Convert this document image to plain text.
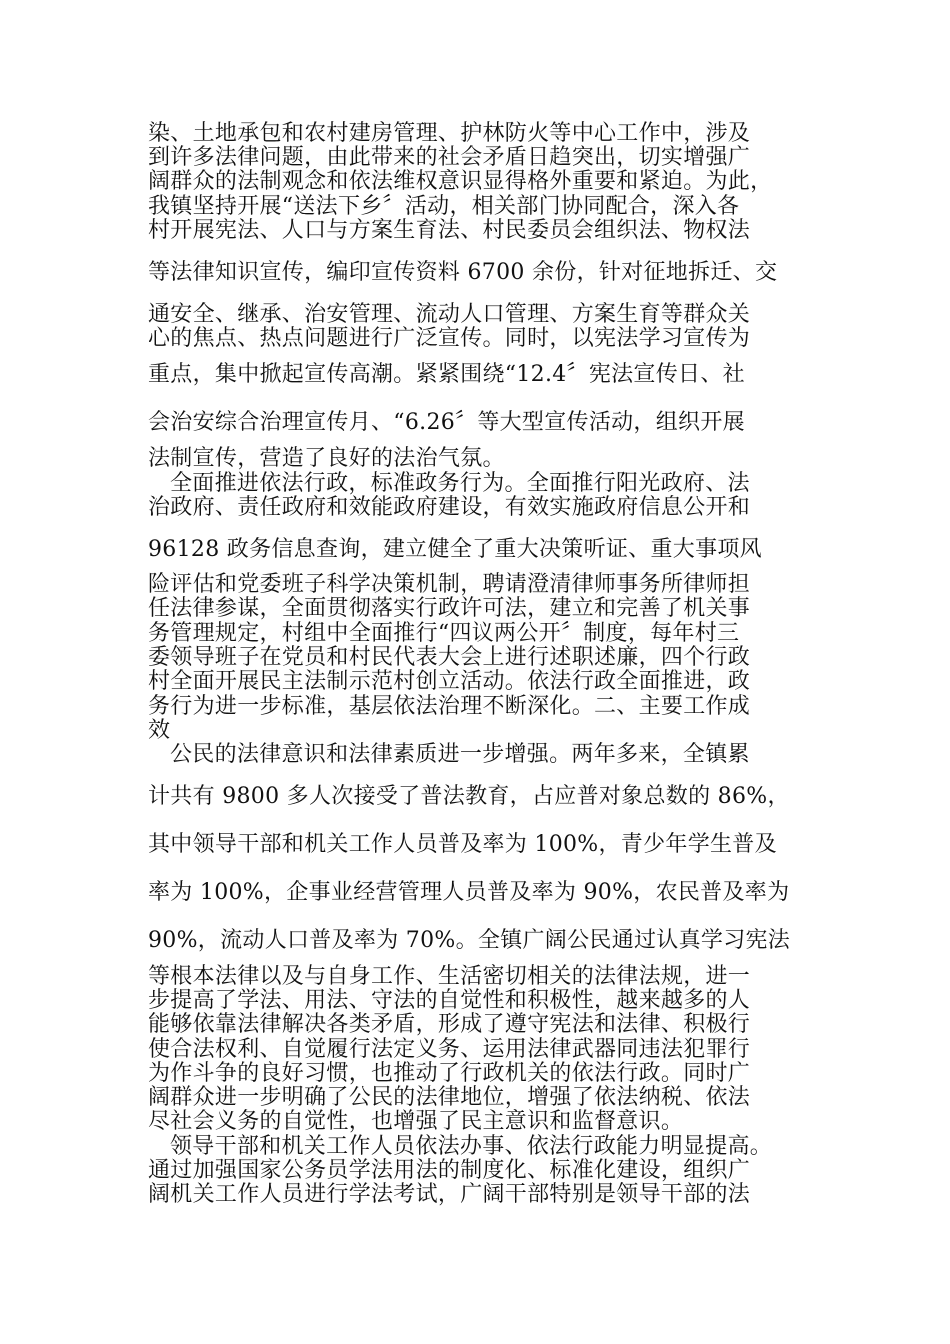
染、土地承包和农村建房管理、护林防火等中心工作中，涉及
到许多法律问题，由此带来的社会矛盾日趋突出，切实增强广
阔群众的法制观念和依法维权意识显得格外重要和紧迫。为此，
我镇坚持开展“送法下乡〞活动，相关部门协同配合，深入各
村开展宪法、人口与方案生育法、村民委员会组织法、物权法
等法律知识宣传，编印宣传资料 6700 余份，针对征地拆迁、交
通安全、继承、治安管理、流动人口管理、方案生育等群众关
心的焦点、热点问题进行广泛宣传。同时，以宪法学习宣传为
重点，集中掀起宣传高潮。紧紧围绕“12.4〞宪法宣传日、社
会治安综合治理宣传月、“6.26〞等大型宣传活动，组织开展
法制宣传，营造了良好的法治气氛。
全面推进依法行政，标准政务行为。全面推行阳光政府、法
治政府、责任政府和效能政府建设，有效实施政府信息公开和
96128 政务信息查询，建立健全了重大决策听证、重大事项风
险评估和党委班子科学决策机制，聘请澄清律师事务所律师担
任法律参谋，全面贯彻落实行政许可法，建立和完善了机关事
务管理规定，村组中全面推行“四议两公开〞制度，每年村三
委领导班子在党员和村民代表大会上进行述职述廉，四个行政
村全面开展民主法制示范村创立活动。依法行政全面推进，政
务行为进一步标准，基层依法治理不断深化。二、主要工作成
效
公民的法律意识和法律素质进一步增强。两年多来，全镇累
计共有 9800 多人次接受了普法教育，占应普对象总数的 86%，
其中领导干部和机关工作人员普及率为 100%，青少年学生普及
率为 100%，企事业经营管理人员普及率为 90%，农民普及率为
90%，流动人口普及率为 70%。全镇广阔公民通过认真学习宪法
等根本法律以及与自身工作、生活密切相关的法律法规，进一
步提高了学法、用法、守法的自觉性和积极性，越来越多的人
能够依靠法律解决各类矛盾，形成了遵守宪法和法律、积极行
使合法权利、自觉履行法定义务、运用法律武器同违法犯罪行
为作斗争的良好习惯，也推动了行政机关的依法行政。同时广
阔群众进一步明确了公民的法律地位，增强了依法纳税、依法
尽社会义务的自觉性，也增强了民主意识和监督意识。
领导干部和机关工作人员依法办事、依法行政能力明显提高。
通过加强国家公务员学法用法的制度化、标准化建设，组织广
阔机关工作人员进行学法考试，广阔干部特别是领导干部的法
